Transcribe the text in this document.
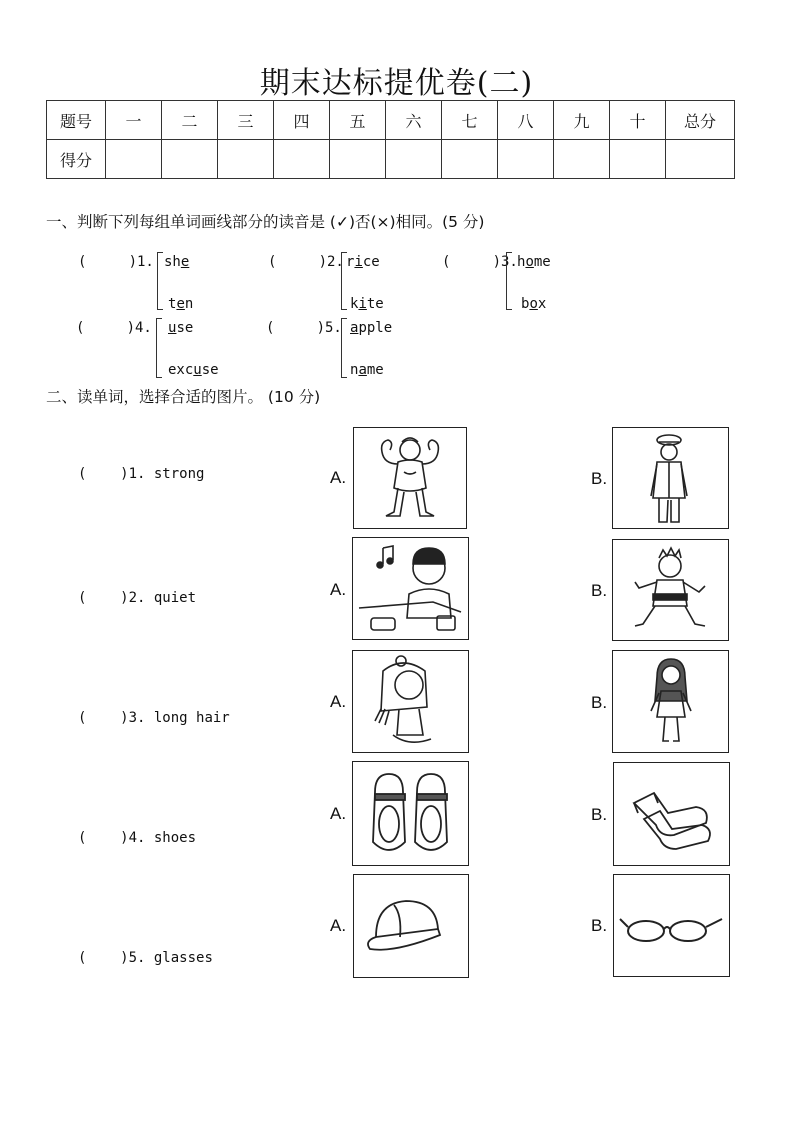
期末达标提优卷(二)
题号	一	二	三	四	五	六	七	八	九	十	总分
得分											
一、判断下列每组单词画线部分的读音是 (✓)否(×)相同。(5 分)
(     )1. she
ten
(     )2. rice
kite
(     )3. home
box
(     )4. use
excuse
(     )5. apple
name
二、读单词，选择合适的图片。 (10 分)
(    )1. strong	A.	B.
(    )2. quiet	A.	B.
(    )3. long hair
A.	B.
(    )4. shoes
A.	B.
(    )5. glasses
A.	B.
